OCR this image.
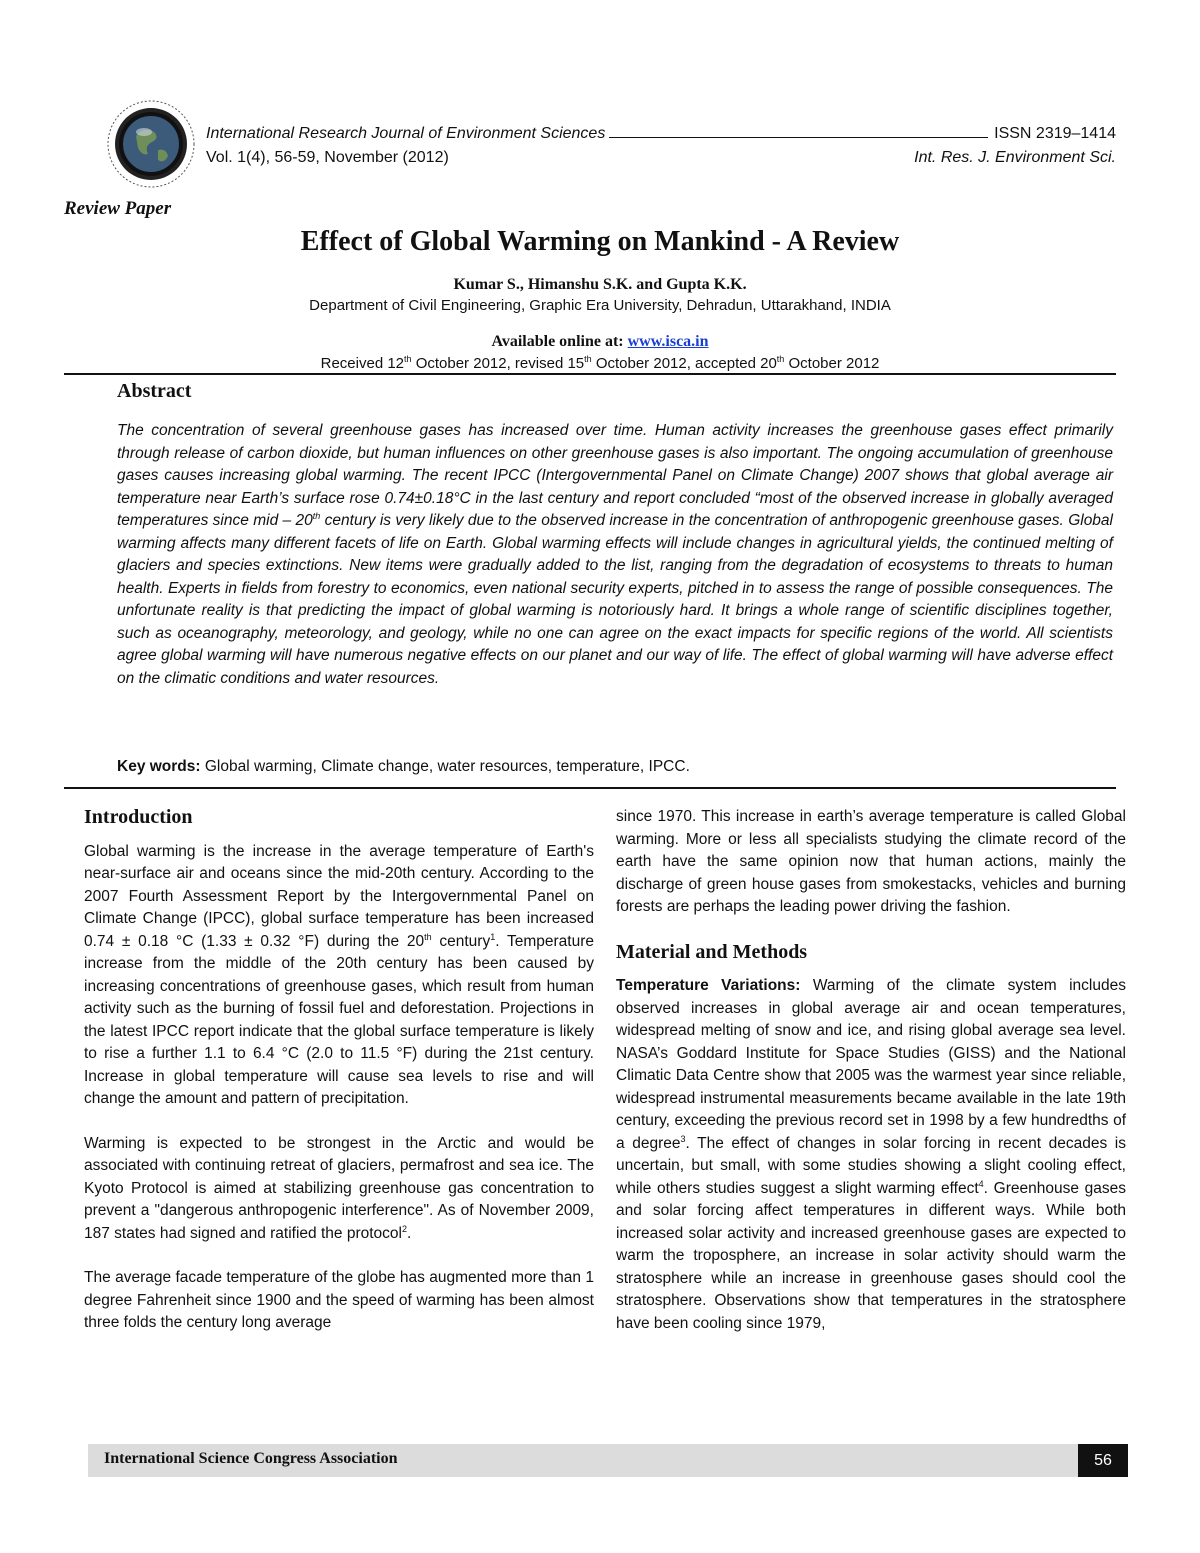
International Research Journal of Environment Sciences	ISSN 2319–1414
Vol. 1(4), 56-59, November (2012)	Int. Res. J. Environment Sci.
Review Paper
Effect of Global Warming on Mankind - A Review
Kumar S., Himanshu S.K. and Gupta K.K.
Department of Civil Engineering, Graphic Era University, Dehradun, Uttarakhand, INDIA
Available online at: www.isca.in
Received 12th October 2012, revised 15th October 2012, accepted 20th October 2012
Abstract
The concentration of several greenhouse gases has increased over time. Human activity increases the greenhouse gases effect primarily through release of carbon dioxide, but human influences on other greenhouse gases is also important. The ongoing accumulation of greenhouse gases causes increasing global warming. The recent IPCC (Intergovernmental Panel on Climate Change) 2007 shows that global average air temperature near Earth’s surface rose 0.74±0.18°C in the last century and report concluded “most of the observed increase in globally averaged temperatures since mid – 20th century is very likely due to the observed increase in the concentration of anthropogenic greenhouse gases. Global warming affects many different facets of life on Earth. Global warming effects will include changes in agricultural yields, the continued melting of glaciers and species extinctions. New items were gradually added to the list, ranging from the degradation of ecosystems to threats to human health. Experts in fields from forestry to economics, even national security experts, pitched in to assess the range of possible consequences. The unfortunate reality is that predicting the impact of global warming is notoriously hard. It brings a whole range of scientific disciplines together, such as oceanography, meteorology, and geology, while no one can agree on the exact impacts for specific regions of the world. All scientists agree global warming will have numerous negative effects on our planet and our way of life. The effect of global warming will have adverse effect on the climatic conditions and water resources.
Key words: Global warming, Climate change, water resources, temperature, IPCC.
Introduction

Global warming is the increase in the average temperature of Earth's near-surface air and oceans since the mid-20th century. According to the 2007 Fourth Assessment Report by the Intergovernmental Panel on Climate Change (IPCC), global surface temperature has been increased 0.74 ± 0.18 °C (1.33 ± 0.32 °F) during the 20th century$^1$. Temperature increase from the middle of the 20th century has been caused by increasing concentrations of greenhouse gases, which result from human activity such as the burning of fossil fuel and deforestation. Projections in the latest IPCC report indicate that the global surface temperature is likely to rise a further 1.1 to 6.4 °C (2.0 to 11.5 °F) during the 21st century. Increase in global temperature will cause sea levels to rise and will change the amount and pattern of precipitation.

Warming is expected to be strongest in the Arctic and would be associated with continuing retreat of glaciers, permafrost and sea ice. The Kyoto Protocol is aimed at stabilizing greenhouse gas concentration to prevent a "dangerous anthropogenic interference". As of November 2009, 187 states had signed and ratified the protocol$^2$.

The average facade temperature of the globe has augmented more than 1 degree Fahrenheit since 1900 and the speed of warming has been almost three folds the century long average

since 1970. This increase in earth’s average temperature is called Global warming. More or less all specialists studying the climate record of the earth have the same opinion now that human actions, mainly the discharge of green house gases from smokestacks, vehicles and burning forests are perhaps the leading power driving the fashion.

Material and Methods

Temperature Variations: Warming of the climate system includes observed increases in global average air and ocean temperatures, widespread melting of snow and ice, and rising global average sea level. NASA’s Goddard Institute for Space Studies (GISS) and the National Climatic Data Centre show that 2005 was the warmest year since reliable, widespread instrumental measurements became available in the late 19th century, exceeding the previous record set in 1998 by a few hundredths of a degree$^3$. The effect of changes in solar forcing in recent decades is uncertain, but small, with some studies showing a slight cooling effect, while others studies suggest a slight warming effect$^4$. Greenhouse gases and solar forcing affect temperatures in different ways. While both increased solar activity and increased greenhouse gases are expected to warm the troposphere, an increase in solar activity should warm the stratosphere while an increase in greenhouse gases should cool the stratosphere. Observations show that temperatures in the stratosphere have been cooling since 1979,

International Science Congress Association	56
